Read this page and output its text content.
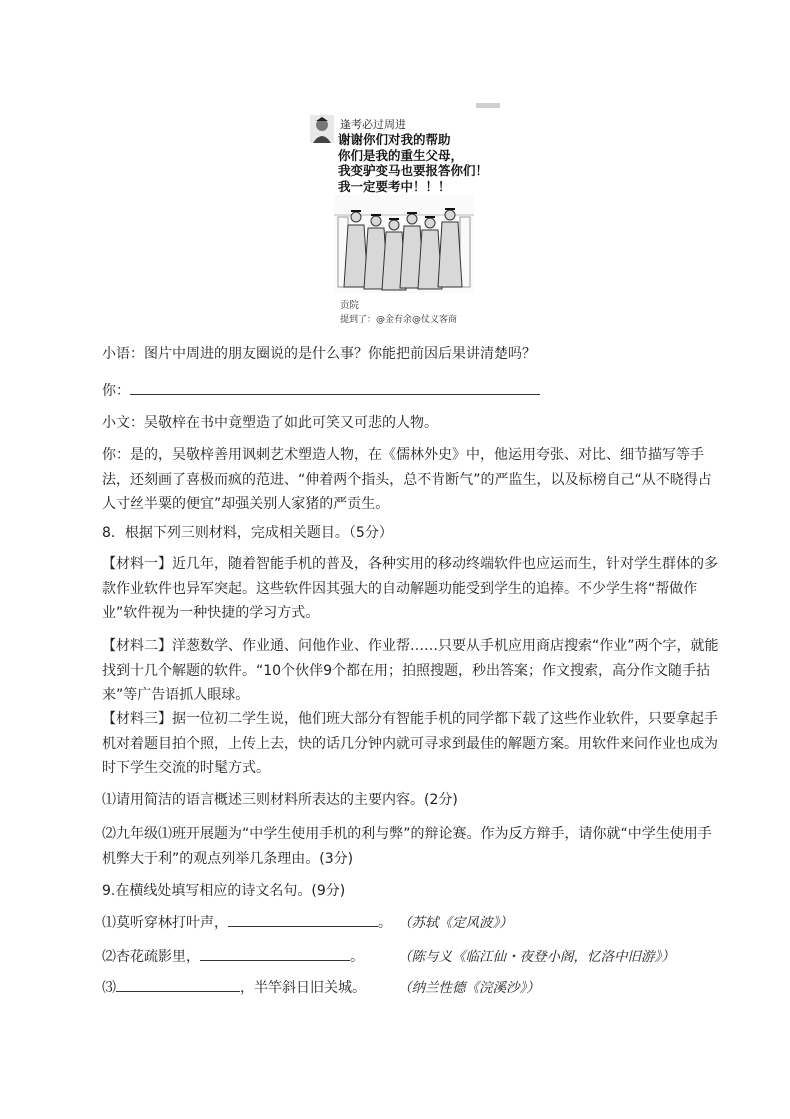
逢考必过周进
谢谢你们对我的帮助
你们是我的重生父母，
我变驴变马也要报答你们！
我一定要考中！！！
贡院
提到了：@金有余@仗义客商
小语：图片中周进的朋友圈说的是什么事？你能把前因后果讲清楚吗？
你：
小文：吴敬梓在书中竟塑造了如此可笑又可悲的人物。
你：是的，吴敬梓善用讽刺艺术塑造人物，在《儒林外史》中，他运用夸张、对比、细节描写等手法，还刻画了喜极而疯的范进、“伸着两个指头，总不肯断气”的严监生，以及标榜自己“从不晓得占人寸丝半粟的便宜”却强关别人家猪的严贡生。
8．根据下列三则材料，完成相关题目。（5分）
【材料一】近几年，随着智能手机的普及，各种实用的移动终端软件也应运而生，针对学生群体的多款作业软件也异军突起。这些软件因其强大的自动解题功能受到学生的追捧。不少学生将“帮做作业”软件视为一种快捷的学习方式。
【材料二】洋葱数学、作业通、问他作业、作业帮……只要从手机应用商店搜索“作业”两个字，就能找到十几个解题的软件。“10个伙伴9个都在用；拍照搜题，秒出答案；作文搜索，高分作文随手拈来”等广告语抓人眼球。
【材料三】据一位初二学生说，他们班大部分有智能手机的同学都下载了这些作业软件，只要拿起手机对着题目拍个照，上传上去，快的话几分钟内就可寻求到最佳的解题方案。用软件来问作业也成为时下学生交流的时髦方式。
⑴请用简洁的语言概述三则材料所表达的主要内容。(2分)
⑵九年级⑴班开展题为“中学生使用手机的利与弊”的辩论赛。作为反方辩手，请你就“中学生使用手机弊大于利”的观点列举几条理由。(3分)
9.在横线处填写相应的诗文名句。(9分)
⑴莫听穿林打叶声，	。 （苏轼《定风波》）
⑵杏花疏影里，	。	（陈与义《临江仙・夜登小阁，忆洛中旧游》）
⑶	，半竿斜日旧关城。 （纳兰性德《浣溪沙》）
